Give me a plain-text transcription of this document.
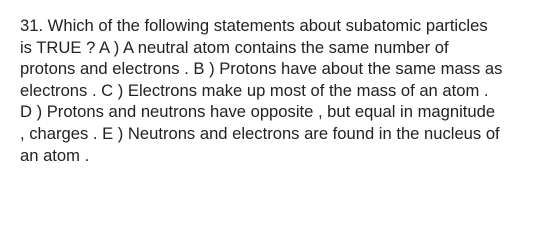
31. Which of the following statements about subatomic particles
is TRUE ? A ) A neutral atom contains the same number of
protons and electrons . B ) Protons have about the same mass as
electrons . C ) Electrons make up most of the mass of an atom .
D ) Protons and neutrons have opposite , but equal in magnitude
, charges . E ) Neutrons and electrons are found in the nucleus of
an atom .
